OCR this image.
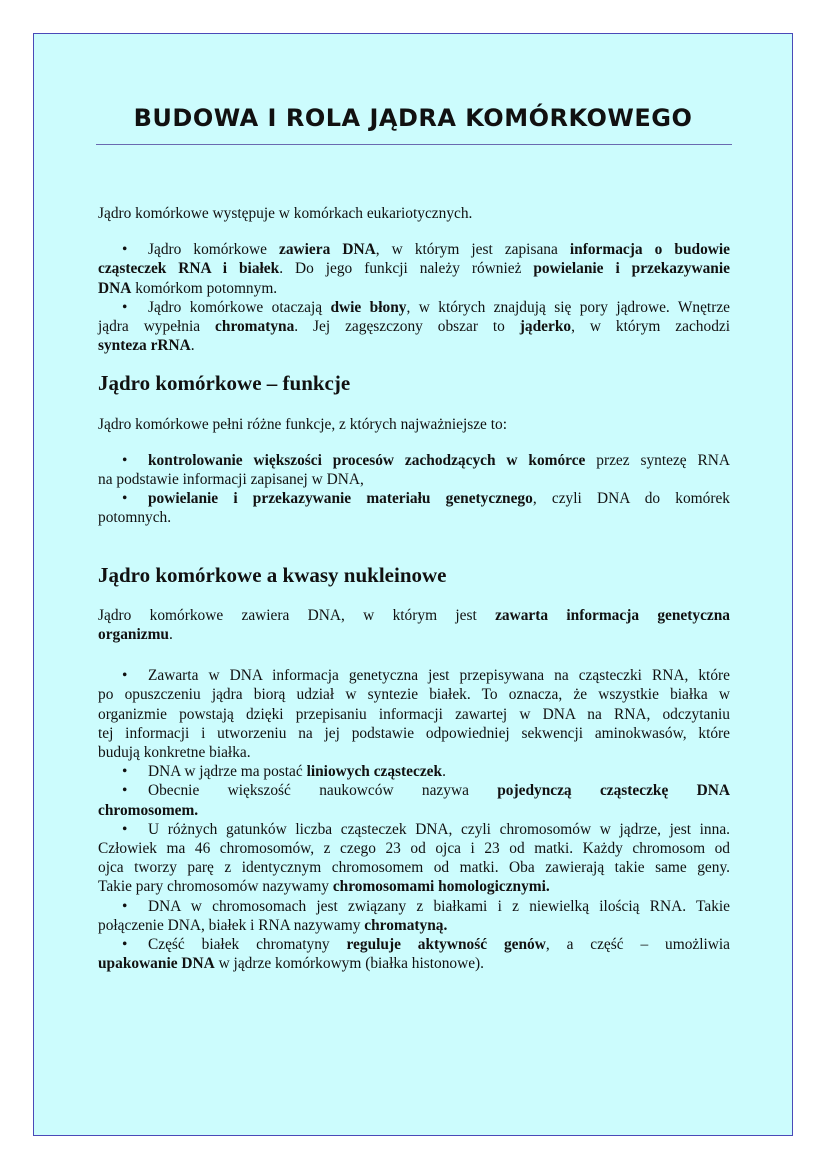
BUDOWA I ROLA JĄDRA KOMÓRKOWEGO

Jądro komórkowe występuje w komórkach eukariotycznych.

• Jądro komórkowe zawiera DNA, w którym jest zapisana informacja o budowie
cząsteczek RNA i białek. Do jego funkcji należy również powielanie i przekazywanie
DNA komórkom potomnym.

• Jądro komórkowe otaczają dwie błony, w których znajdują się pory jądrowe. Wnętrze
jądra wypełnia chromatyna. Jej zagęszczony obszar to jąderko, w którym zachodzi
synteza rRNA.

Jądro komórkowe – funkcje

Jądro komórkowe pełni różne funkcje, z których najważniejsze to:

• kontrolowanie większości procesów zachodzących w komórce przez syntezę RNA
na podstawie informacji zapisanej w DNA,

• powielanie i przekazywanie materiału genetycznego, czyli DNA do komórek
potomnych.

Jądro komórkowe a kwasy nukleinowe

Jądro komórkowe zawiera DNA, w którym jest zawarta informacja genetyczna
organizmu.

• Zawarta w DNA informacja genetyczna jest przepisywana na cząsteczki RNA, które
po opuszczeniu jądra biorą udział w syntezie białek. To oznacza, że wszystkie białka w
organizmie powstają dzięki przepisaniu informacji zawartej w DNA na RNA, odczytaniu
tej informacji i utworzeniu na jej podstawie odpowiedniej sekwencji aminokwasów, które
budują konkretne białka.

• DNA w jądrze ma postać liniowych cząsteczek.

• Obecnie większość naukowców nazywa pojedynczą cząsteczkę DNA
chromosomem.

• U różnych gatunków liczba cząsteczek DNA, czyli chromosomów w jądrze, jest inna.
Człowiek ma 46 chromosomów, z czego 23 od ojca i 23 od matki. Każdy chromosom od
ojca tworzy parę z identycznym chromosomem od matki. Oba zawierają takie same geny.
Takie pary chromosomów nazywamy chromosomami homologicznymi.

• DNA w chromosomach jest związany z białkami i z niewielką ilością RNA. Takie
połączenie DNA, białek i RNA nazywamy chromatyną.

• Część białek chromatyny reguluje aktywność genów, a część – umożliwia
upakowanie DNA w jądrze komórkowym (białka histonowe).
